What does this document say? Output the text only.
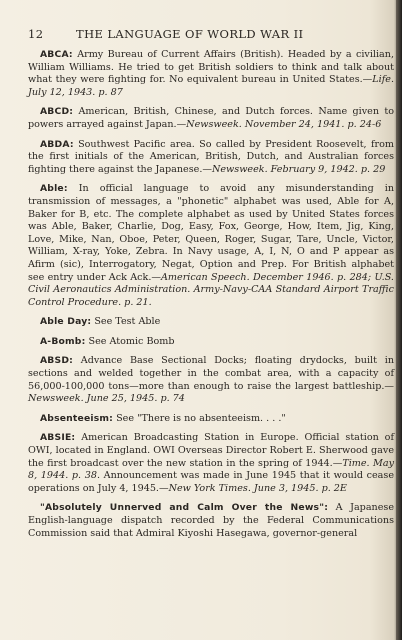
12	THE LANGUAGE OF WORLD WAR II

ABCA: Army Bureau of Current Affairs (British). Headed by a civilian, William Williams. He tried to get British soldiers to think and talk about what they were fighting for. No equivalent bureau in United States.—Life. July 12, 1943. p. 87

ABCD: American, British, Chinese, and Dutch forces. Name given to powers arrayed against Japan.—Newsweek. November 24, 1941. p. 24-6

ABDA: Southwest Pacific area. So called by President Roosevelt, from the first initials of the American, British, Dutch, and Australian forces fighting there against the Japanese.—Newsweek. February 9, 1942. p. 29

Able: In official language to avoid any misunderstanding in transmission of messages, a "phonetic" alphabet was used, Able for A, Baker for B, etc. The complete alphabet as used by United States forces was Able, Baker, Charlie, Dog, Easy, Fox, George, How, Item, Jig, King, Love, Mike, Nan, Oboe, Peter, Queen, Roger, Sugar, Tare, Uncle, Victor, William, X-ray, Yoke, Zebra. In Navy usage, A, I, N, O and P appear as Afirm (sic), Interrogatory, Negat, Option and Prep. For British alphabet see entry under Ack Ack.—American Speech. December 1946. p. 284; U.S. Civil Aeronautics Administration. Army-Navy-CAA Standard Airport Traffic Control Procedure. p. 21.

Able Day: See Test Able

A-Bomb: See Atomic Bomb

ABSD: Advance Base Sectional Docks; floating drydocks, built in sections and welded together in the combat area, with a capacity of 56,000-100,000 tons—more than enough to raise the largest battleship.—Newsweek. June 25, 1945. p. 74

Absenteeism: See "There is no absenteeism. . . ."

ABSIE: American Broadcasting Station in Europe. Official station of OWI, located in England. OWI Overseas Director Robert E. Sherwood gave the first broadcast over the new station in the spring of 1944.—Time. May 8, 1944. p. 38. Announcement was made in June 1945 that it would cease operations on July 4, 1945.—New York Times. June 3, 1945. p. 2E

"Absolutely Unnerved and Calm Over the News": A Japanese English-language dispatch recorded by the Federal Communications Commission said that Admiral Kiyoshi Hasegawa, governor-general
